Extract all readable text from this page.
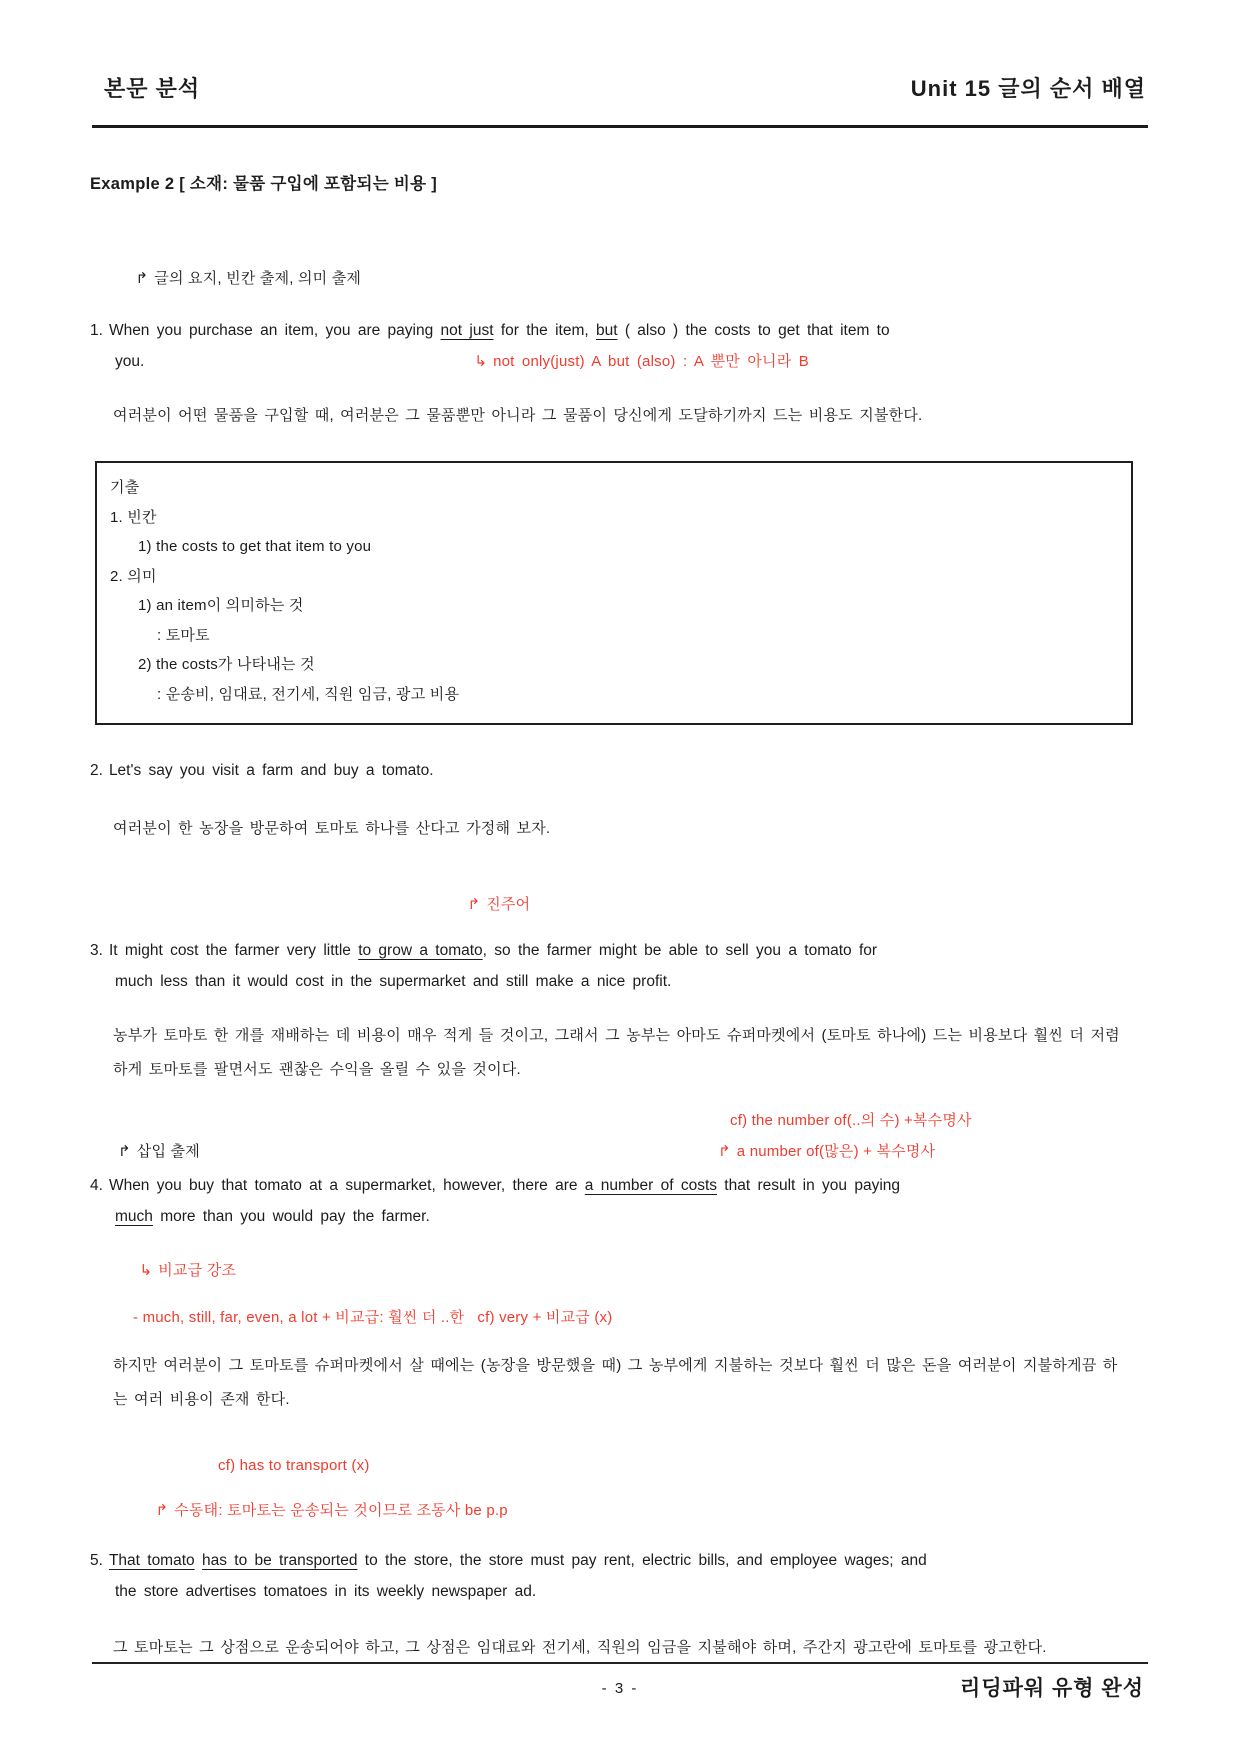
본문 분석	Unit 15 글의 순서 배열
Example 2 [ 소재: 물품 구입에 포함되는 비용 ]

↱ 글의 요지, 빈칸 출제, 의미 출제

1. When you purchase an item, you are paying not just for the item, but ( also ) the costs to get that item to
you.	↳ not only(just) A but (also) : A 뿐만 아니라 B
여러분이 어떤 물품을 구입할 때, 여러분은 그 물품뿐만 아니라 그 물품이 당신에게 도달하기까지 드는 비용도 지불한다.
기출
1. 빈칸
1) the costs to get that item to you
2. 의미
1) an item이 의미하는 것
: 토마토
2) the costs가 나타내는 것
: 운송비, 임대료, 전기세, 직원 임금, 광고 비용
2. Let's say you visit a farm and buy a tomato.
여러분이 한 농장을 방문하여 토마토 하나를 산다고 가정해 보자.

↱ 진주어

3. It might cost the farmer very little to grow a tomato, so the farmer might be able to sell you a tomato for
much less than it would cost in the supermarket and still make a nice profit.
농부가 토마토 한 개를 재배하는 데 비용이 매우 적게 들 것이고, 그래서 그 농부는 아마도 슈퍼마켓에서 (토마토 하나에) 드는 비용보다 훨씬 더 저렴하게 토마토를 팔면서도 괜찮은 수익을 올릴 수 있을 것이다.
cf) the number of(..의 수) +복수명사
↱ 삽입 출제	↱ a number of(많은) + 복수명사
4. When you buy that tomato at a supermarket, however, there are a number of costs that result in you paying
much more than you would pay the farmer.

↳ 비교급 강조

- much, still, far, even, a lot + 비교급: 훨씬 더 ..한   cf) very + 비교급 (x)
하지만 여러분이 그 토마토를 슈퍼마켓에서 살 때에는 (농장을 방문했을 때) 그 농부에게 지불하는 것보다 훨씬 더 많은 돈을 여러분이 지불하게끔 하는 여러 비용이 존재 한다.
cf) has to transport (x)

↱ 수동태: 토마토는 운송되는 것이므로 조동사 be p.p

5. That tomato has to be transported to the store, the store must pay rent, electric bills, and employee wages; and
the store advertises tomatoes in its weekly newspaper ad.
그 토마토는 그 상점으로 운송되어야 하고, 그 상점은 임대료와 전기세, 직원의 임금을 지불해야 하며, 주간지 광고란에 토마토를 광고한다.
- 3 -	리딩파워 유형 완성
